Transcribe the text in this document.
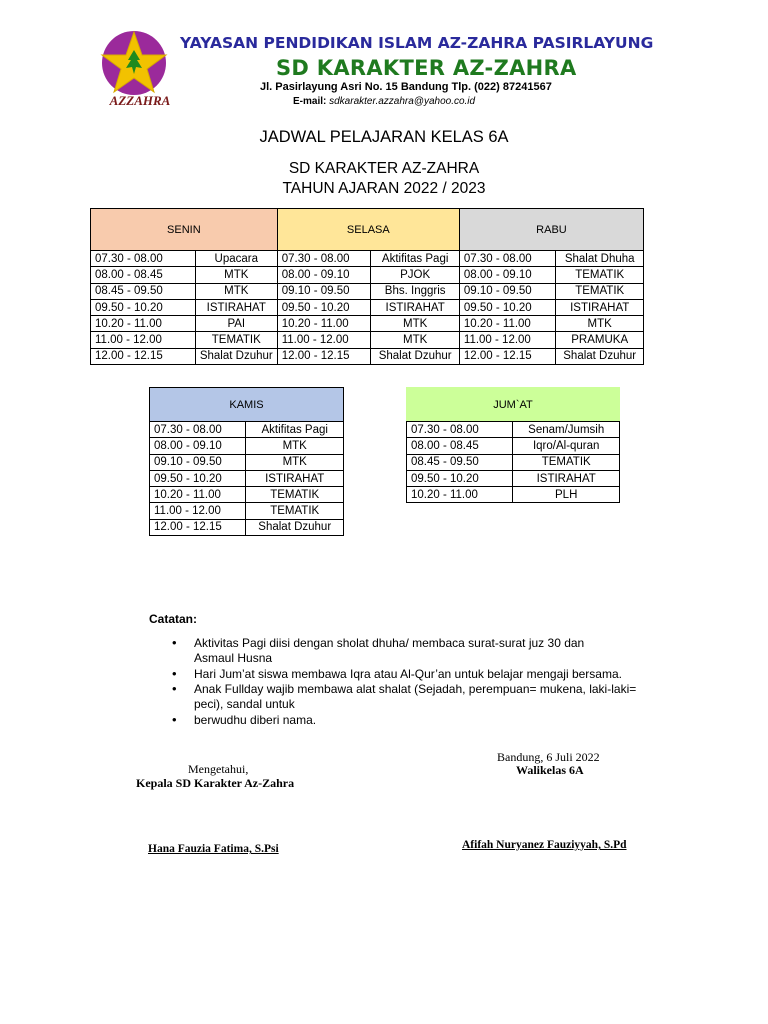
AZZAHRA
YAYASAN PENDIDIKAN ISLAM AZ-ZAHRA PASIRLAYUNG
SD KARAKTER AZ-ZAHRA
Jl. Pasirlayung Asri No. 15 Bandung Tlp. (022) 87241567
E-mail: sdkarakter.azzahra@yahoo.co.id
JADWAL PELAJARAN KELAS 6A
SD KARAKTER AZ-ZAHRA
TAHUN AJARAN 2022 / 2023
SENIN		SELASA		RABU	
07.30 - 08.00	Upacara	07.30 - 08.00	Aktifitas Pagi	07.30 - 08.00	Shalat Dhuha
08.00 - 08.45	MTK	08.00 - 09.10	PJOK	08.00 - 09.10	TEMATIK
08.45 - 09.50	MTK	09.10 - 09.50	Bhs. Inggris	09.10 - 09.50	TEMATIK
09.50 - 10.20	ISTIRAHAT	09.50 - 10.20	ISTIRAHAT	09.50 - 10.20	ISTIRAHAT
10.20 - 11.00	PAI	10.20 - 11.00	MTK	10.20 - 11.00	MTK
11.00 - 12.00	TEMATIK	11.00 - 12.00	MTK	11.00 - 12.00	PRAMUKA
12.00 - 12.15	Shalat Dzuhur	12.00 - 12.15	Shalat Dzuhur	12.00 - 12.15	Shalat Dzuhur
KAMIS	
07.30 - 08.00	Aktifitas Pagi
08.00 - 09.10	MTK
09.10 - 09.50	MTK
09.50 - 10.20	ISTIRAHAT
10.20 - 11.00	TEMATIK
11.00 - 12.00	TEMATIK
12.00 - 12.15	Shalat Dzuhur
JUM`AT	
07.30 - 08.00	Senam/Jumsih
08.00 - 08.45	Iqro/Al-quran
08.45 - 09.50	TEMATIK
09.50 - 10.20	ISTIRAHAT
10.20 - 11.00	PLH
Catatan:
• Aktivitas Pagi diisi dengan sholat dhuha/ membaca surat-surat juz 30 dan Asmaul Husna
• Hari Jum’at siswa membawa Iqra atau Al-Qur’an untuk belajar mengaji bersama.
• Anak Fullday wajib membawa alat shalat (Sejadah, perempuan= mukena, laki-laki= peci), sandal untuk
• berwudhu diberi nama.
Bandung, 6 Juli 2022
Walikelas 6A
Mengetahui,
Kepala SD Karakter Az-Zahra
Hana Fauzia Fatima, S.Psi	Afifah Nuryanez Fauziyyah, S.Pd
